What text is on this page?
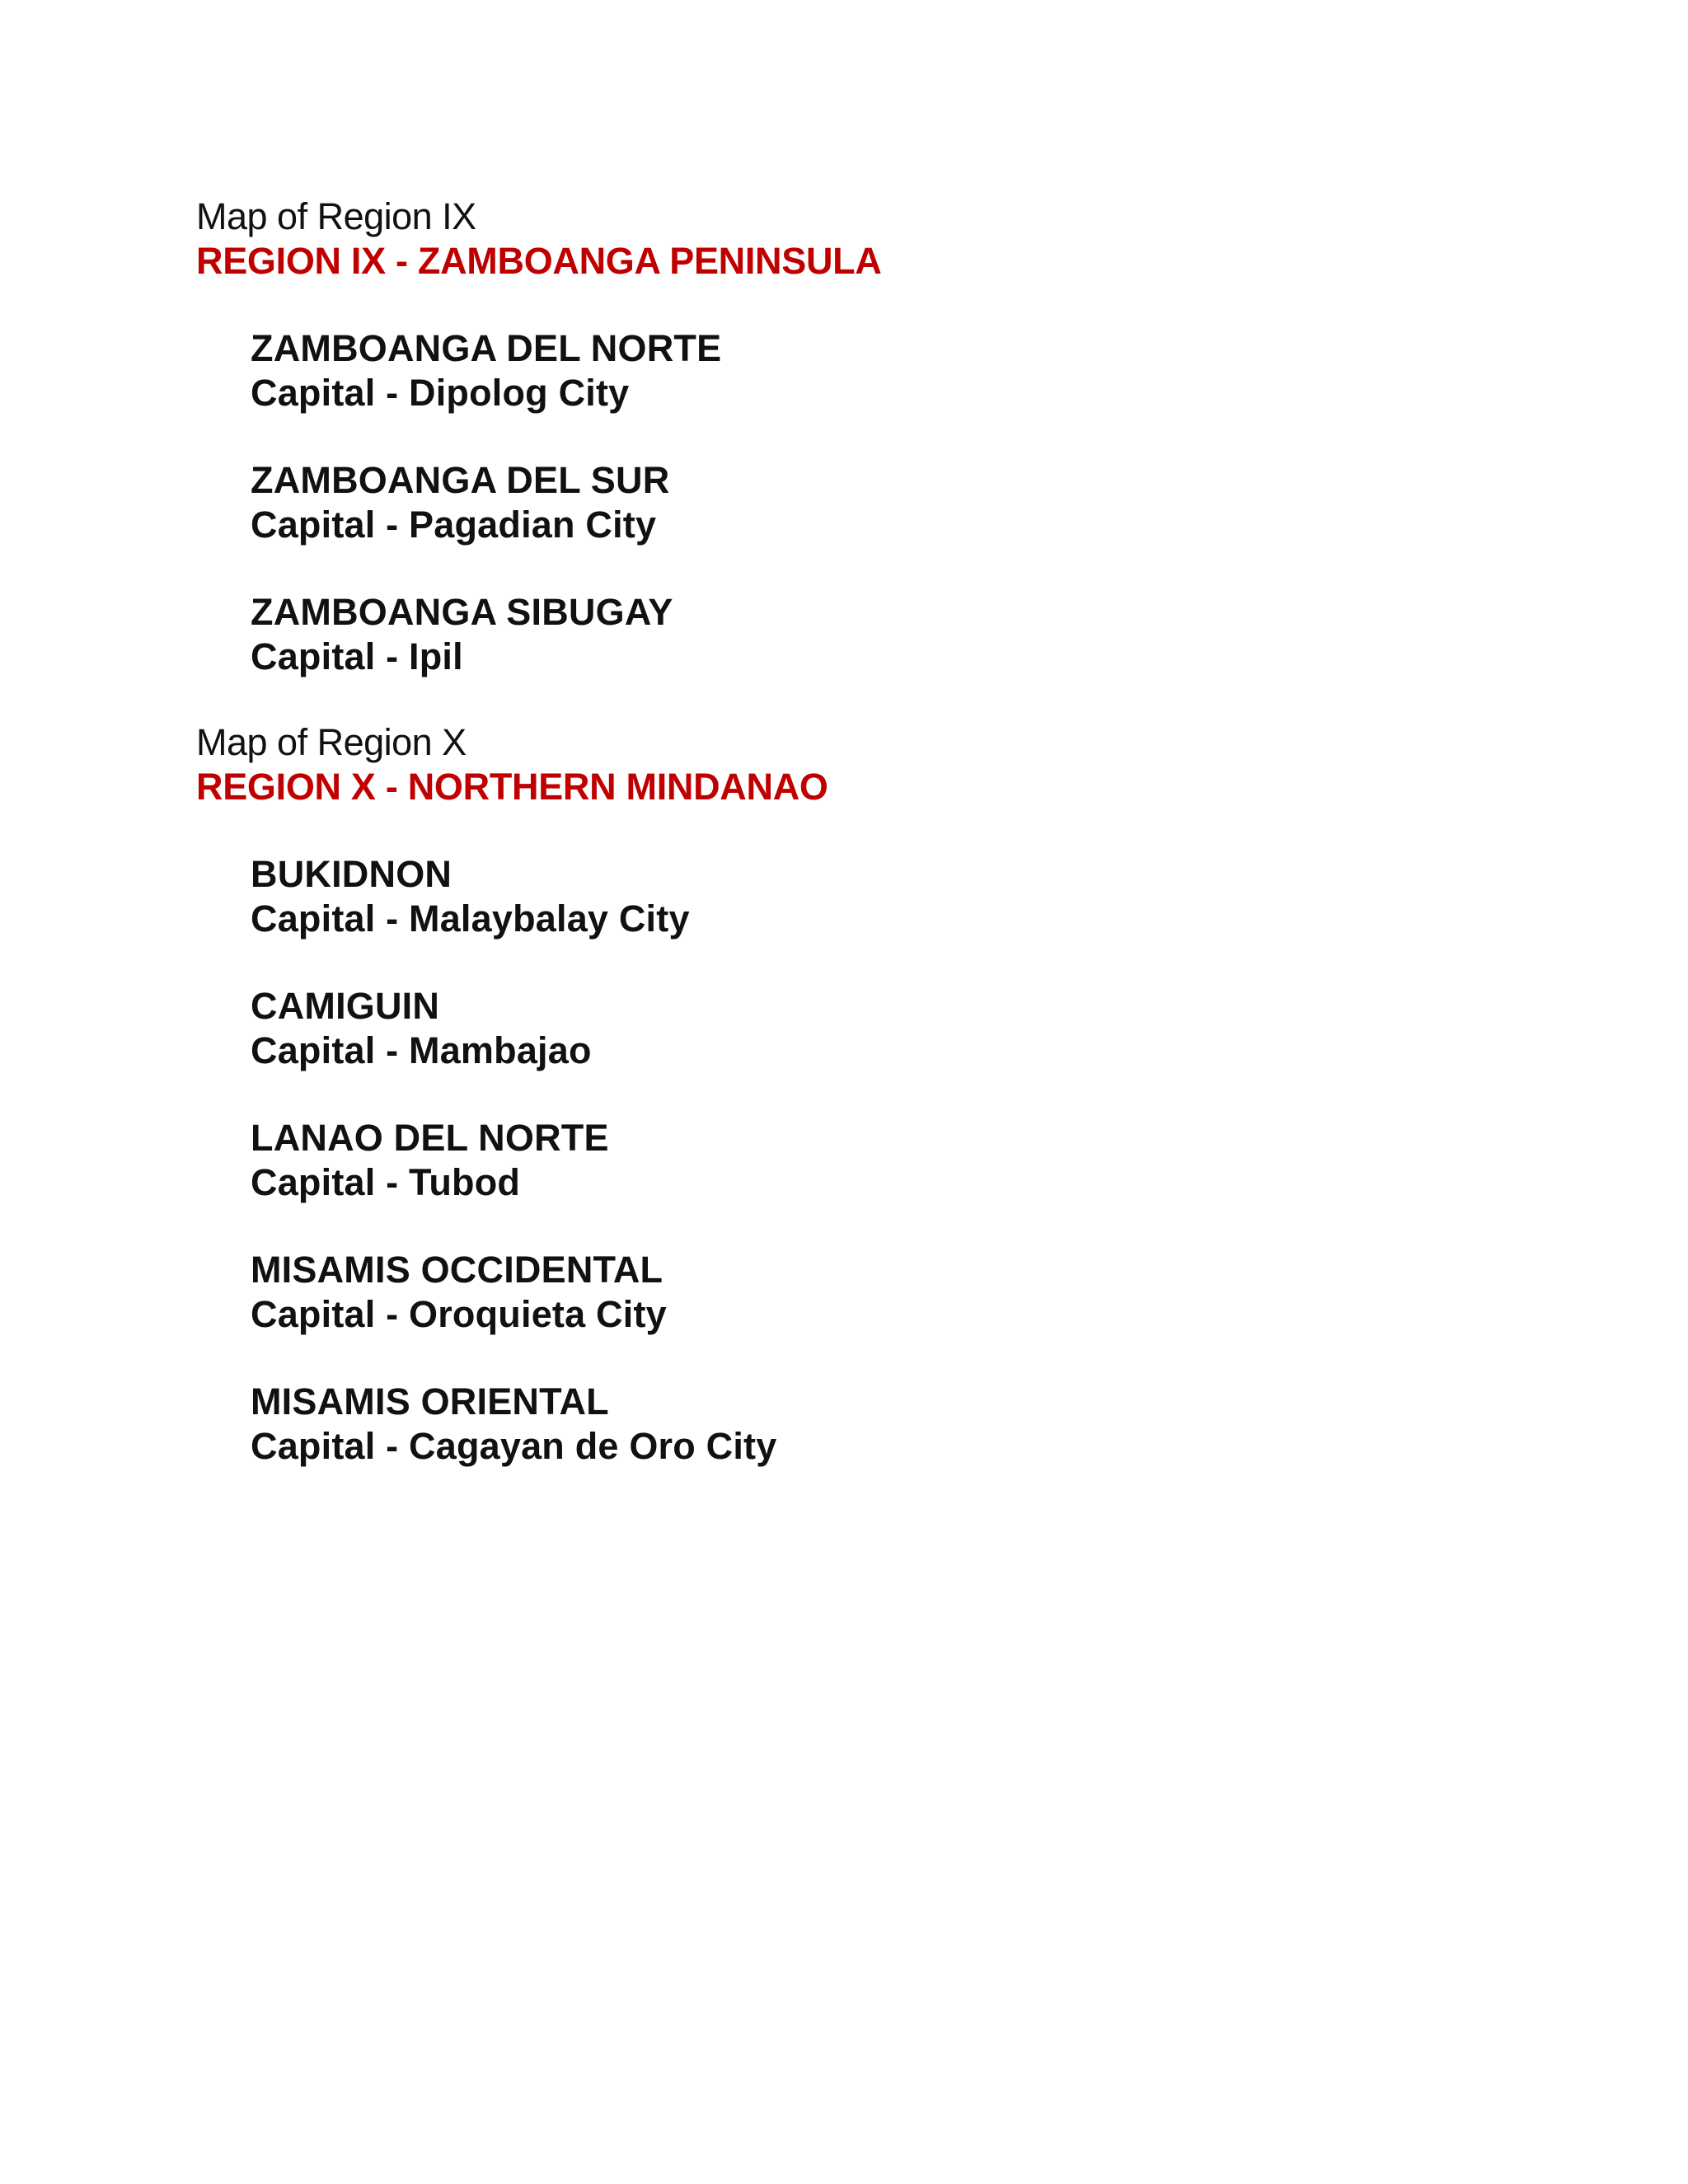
Map of Region IX
REGION IX - ZAMBOANGA PENINSULA
ZAMBOANGA DEL NORTE
Capital - Dipolog City
ZAMBOANGA DEL SUR
Capital - Pagadian City
ZAMBOANGA SIBUGAY
Capital - Ipil
Map of Region X
REGION X - NORTHERN MINDANAO
BUKIDNON
Capital - Malaybalay City
CAMIGUIN
Capital - Mambajao
LANAO DEL NORTE
Capital - Tubod
MISAMIS OCCIDENTAL
Capital - Oroquieta City
MISAMIS ORIENTAL
Capital - Cagayan de Oro City
